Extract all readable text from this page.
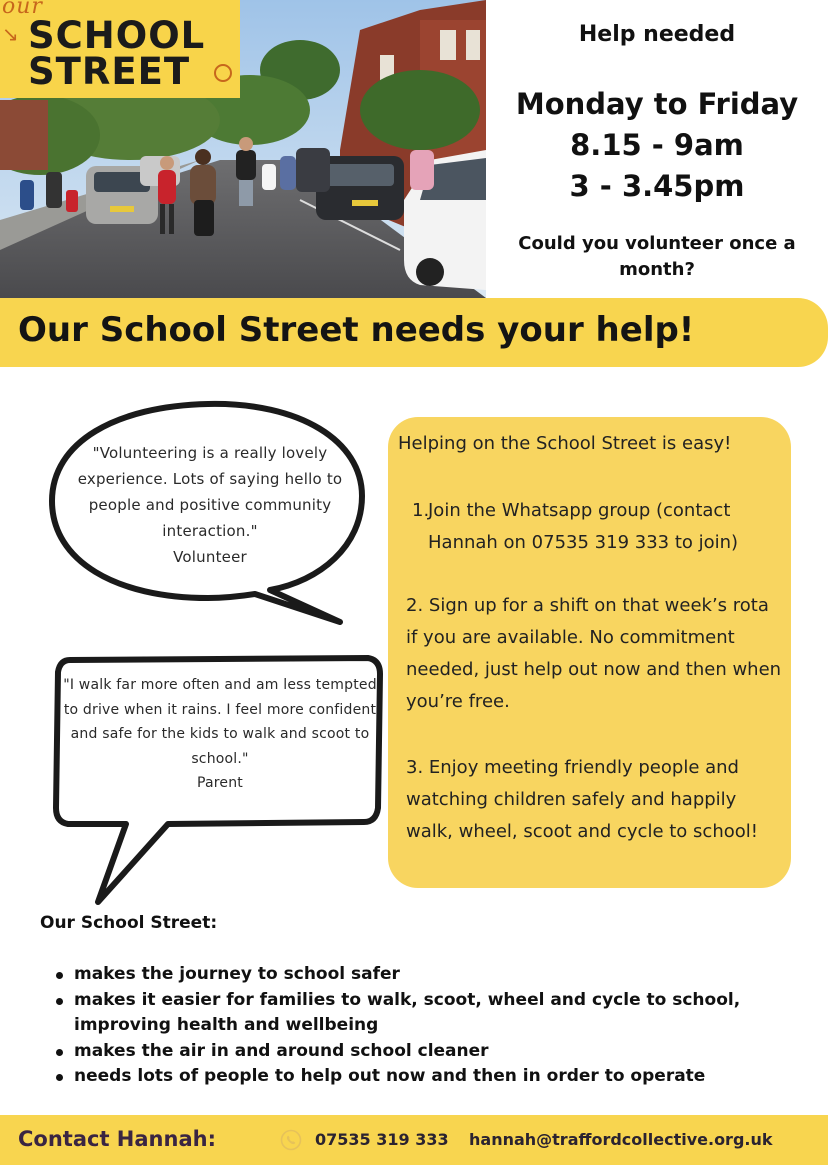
our
↘ SCHOOL
STREET
Help needed
Monday to Friday
8.15 - 9am
3 - 3.45pm
Could you volunteer once a month?
Our School Street needs your help!
"Volunteering is a really lovely experience. Lots of saying hello to people and positive community interaction."
Volunteer
"I walk far more often and am less tempted to drive when it rains. I feel more confident and safe for the kids to walk and scoot to school."
Parent
Helping on the School Street is easy!
1.
Join the Whatsapp group (contact Hannah on 07535 319 333 to join)
2. Sign up for a shift on that week’s rota if you are available. No commitment needed, just help out now and then when you’re free.
3. Enjoy meeting friendly people and watching children safely and happily walk, wheel, scoot and cycle to school!
Our School Street:
makes the journey to school safer
makes it easier for families to walk, scoot, wheel and cycle to school, improving health and wellbeing
makes the air in and around school cleaner
needs lots of people to help out now and then in order to operate
Contact Hannah:	07535 319 333 hannah@traffordcollective.org.uk
